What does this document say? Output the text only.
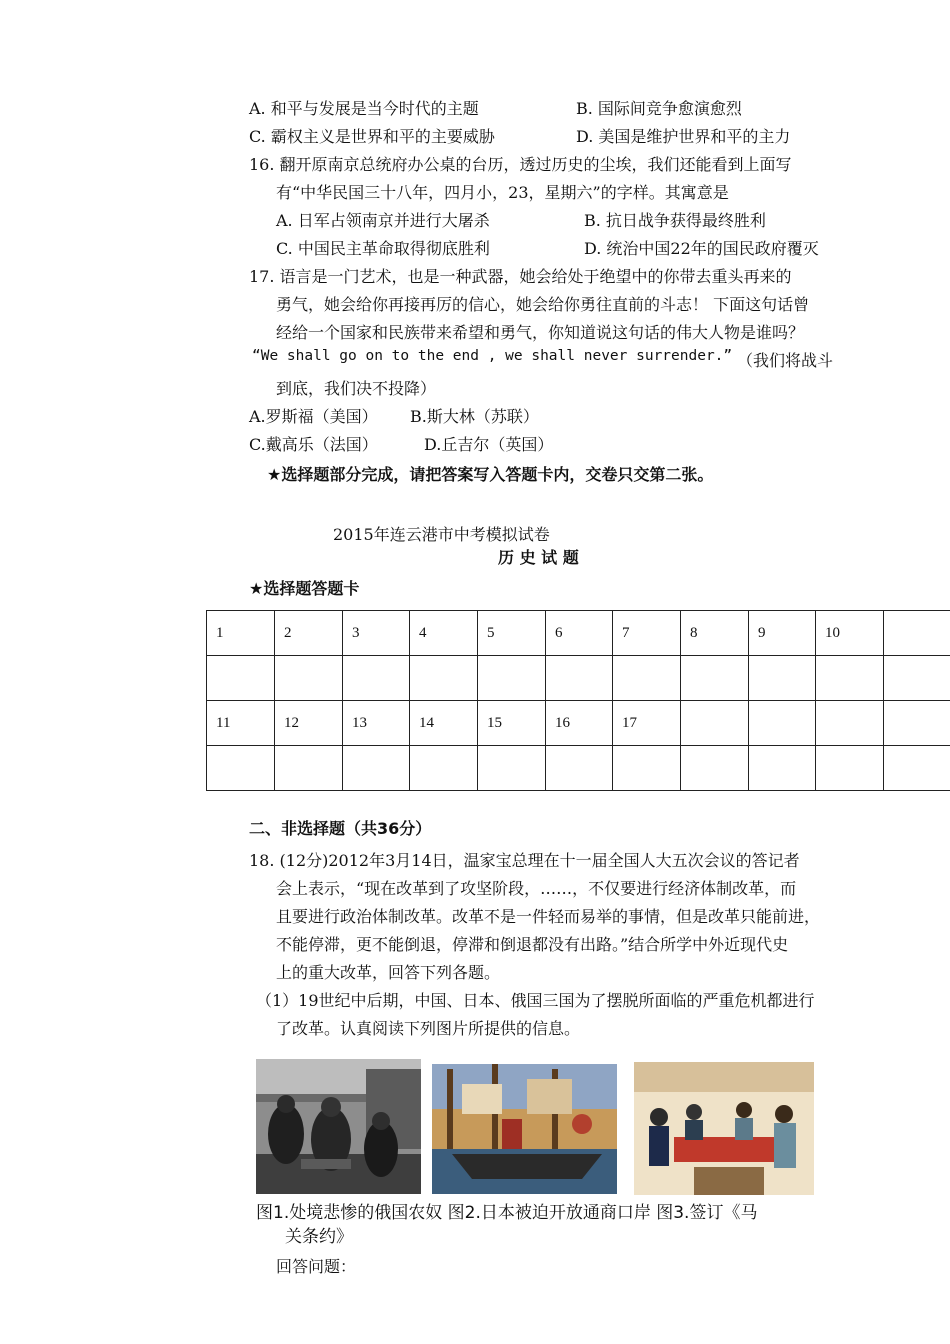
A. 和平与发展是当今时代的主题	B. 国际间竞争愈演愈烈
C. 霸权主义是世界和平的主要威胁	D. 美国是维护世界和平的主力
16. 翻开原南京总统府办公桌的台历，透过历史的尘埃，我们还能看到上面写
有“中华民国三十八年，四月小，23，星期六”的字样。其寓意是
A. 日军占领南京并进行大屠杀	B. 抗日战争获得最终胜利
C. 中国民主革命取得彻底胜利	D. 统治中国22年的国民政府覆灭
17. 语言是一门艺术，也是一种武器，她会给处于绝望中的你带去重头再来的
勇气，她会给你再接再厉的信心，她会给你勇往直前的斗志！ 下面这句话曾
经给一个国家和民族带来希望和勇气，你知道说这句话的伟大人物是谁吗？
“We shall go on to the end , we shall never surrender.” （我们将战斗
到底，我们决不投降）
A.罗斯福（美国） B.斯大林（苏联）
C.戴高乐（法国）	D.丘吉尔（英国）
★选择题部分完成，请把答案写入答题卡内，交卷只交第二张。
2015年连云港市中考模拟试卷
历 史 试 题
★选择题答题卡
1	2	3	4	5	6	7	8	9	10	

11	12	13	14	15	16	17				

二、非选择题（共36分）
18. (12分)2012年3月14日，温家宝总理在十一届全国人大五次会议的答记者
会上表示，“现在改革到了攻坚阶段，……，不仅要进行经济体制改革，而
且要进行政治体制改革。改革不是一件轻而易举的事情，但是改革只能前进，
不能停滞，更不能倒退，停滞和倒退都没有出路。”结合所学中外近现代史
上的重大改革，回答下列各题。
（1）19世纪中后期，中国、日本、俄国三国为了摆脱所面临的严重危机都进行
了改革。认真阅读下列图片所提供的信息。
图1.处境悲惨的俄国农奴 图2.日本被迫开放通商口岸 图3.签订《马
关条约》
回答问题：
